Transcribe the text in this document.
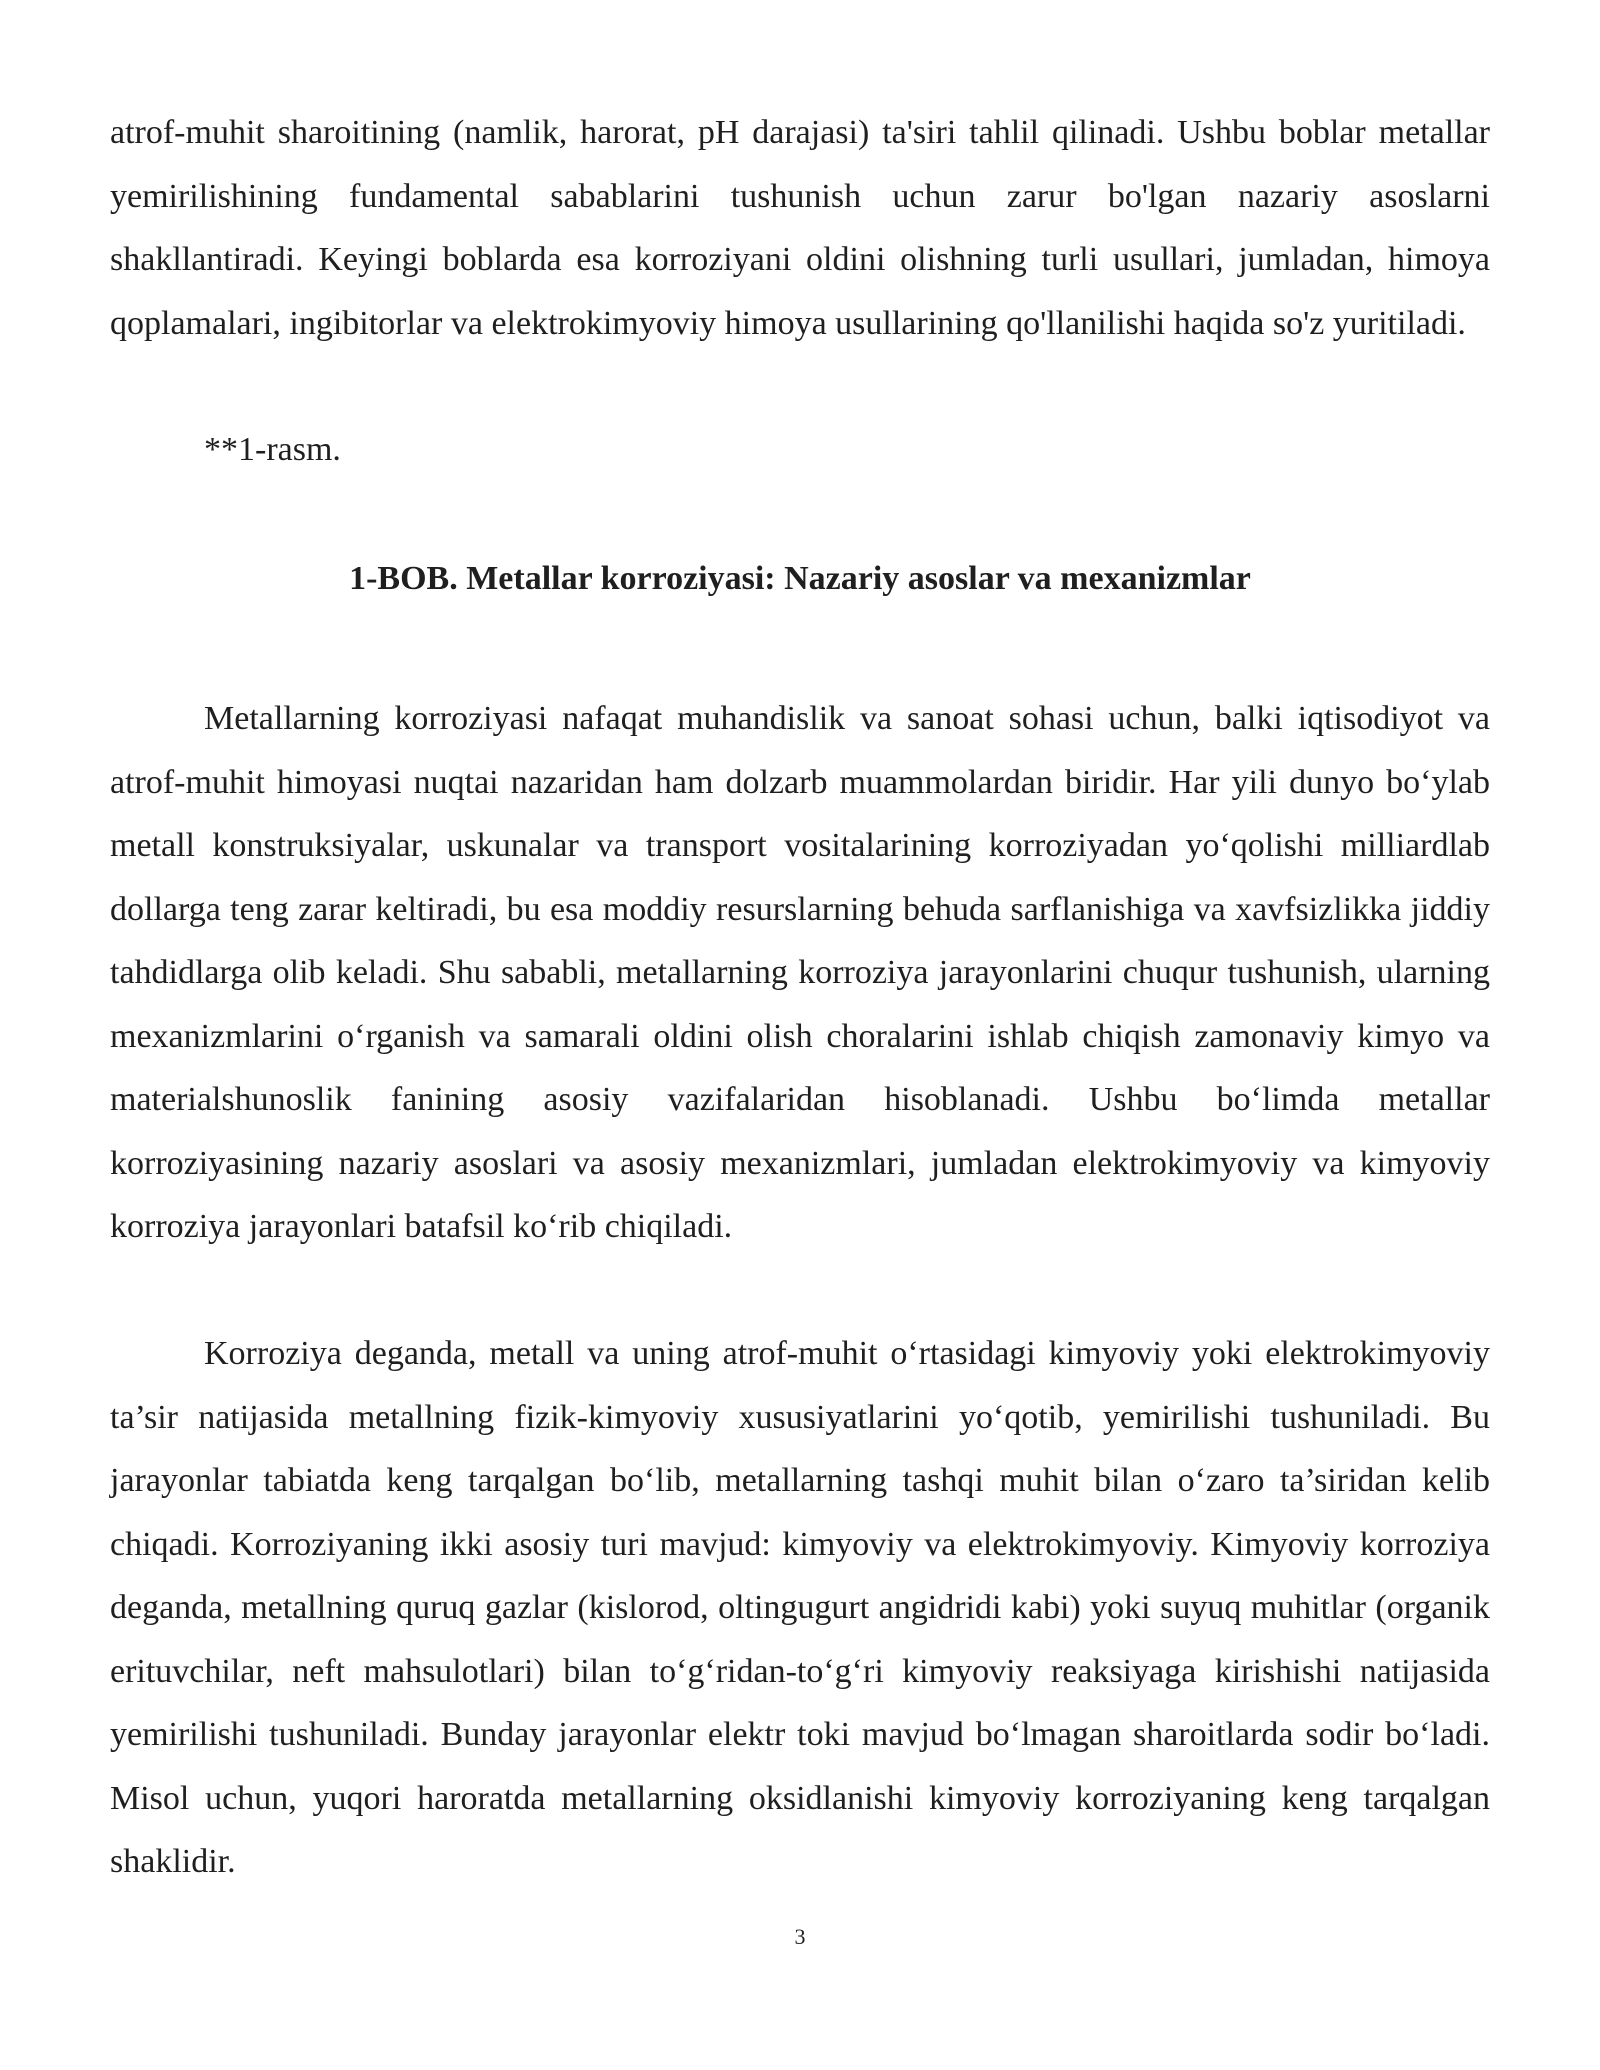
atrof-muhit sharoitining (namlik, harorat, pH darajasi) ta'siri tahlil qilinadi. Ushbu boblar metallar yemirilishining fundamental sabablarini tushunish uchun zarur bo'lgan nazariy asoslarni shakllantiradi. Keyingi boblarda esa korroziyani oldini olishning turli usullari, jumladan, himoya qoplamalari, ingibitorlar va elektrokimyoviy himoya usullarining qo'llanilishi haqida so'z yuritiladi.

**1-rasm.

1-BOB. Metallar korroziyasi: Nazariy asoslar va mexanizmlar

Metallarning korroziyasi nafaqat muhandislik va sanoat sohasi uchun, balki iqtisodiyot va atrof-muhit himoyasi nuqtai nazaridan ham dolzarb muammolardan biridir. Har yili dunyo bo‘ylab metall konstruksiyalar, uskunalar va transport vositalarining korroziyadan yo‘qolishi milliardlab dollarga teng zarar keltiradi, bu esa moddiy resurslarning behuda sarflanishiga va xavfsizlikka jiddiy tahdidlarga olib keladi. Shu sababli, metallarning korroziya jarayonlarini chuqur tushunish, ularning mexanizmlarini o‘rganish va samarali oldini olish choralarini ishlab chiqish zamonaviy kimyo va materialshunoslik fanining asosiy vazifalaridan hisoblanadi. Ushbu bo‘limda metallar korroziyasining nazariy asoslari va asosiy mexanizmlari, jumladan elektrokimyoviy va kimyoviy korroziya jarayonlari batafsil ko‘rib chiqiladi.

Korroziya deganda, metall va uning atrof-muhit o‘rtasidagi kimyoviy yoki elektrokimyoviy ta’sir natijasida metallning fizik-kimyoviy xususiyatlarini yo‘qotib, yemirilishi tushuniladi. Bu jarayonlar tabiatda keng tarqalgan bo‘lib, metallarning tashqi muhit bilan o‘zaro ta’siridan kelib chiqadi. Korroziyaning ikki asosiy turi mavjud: kimyoviy va elektrokimyoviy. Kimyoviy korroziya deganda, metallning quruq gazlar (kislorod, oltingugurt angidridi kabi) yoki suyuq muhitlar (organik erituvchilar, neft mahsulotlari) bilan to‘g‘ridan-to‘g‘ri kimyoviy reaksiyaga kirishishi natijasida yemirilishi tushuniladi. Bunday jarayonlar elektr toki mavjud bo‘lmagan sharoitlarda sodir bo‘ladi. Misol uchun, yuqori haroratda metallarning oksidlanishi kimyoviy korroziyaning keng tarqalgan shaklidir.

3
